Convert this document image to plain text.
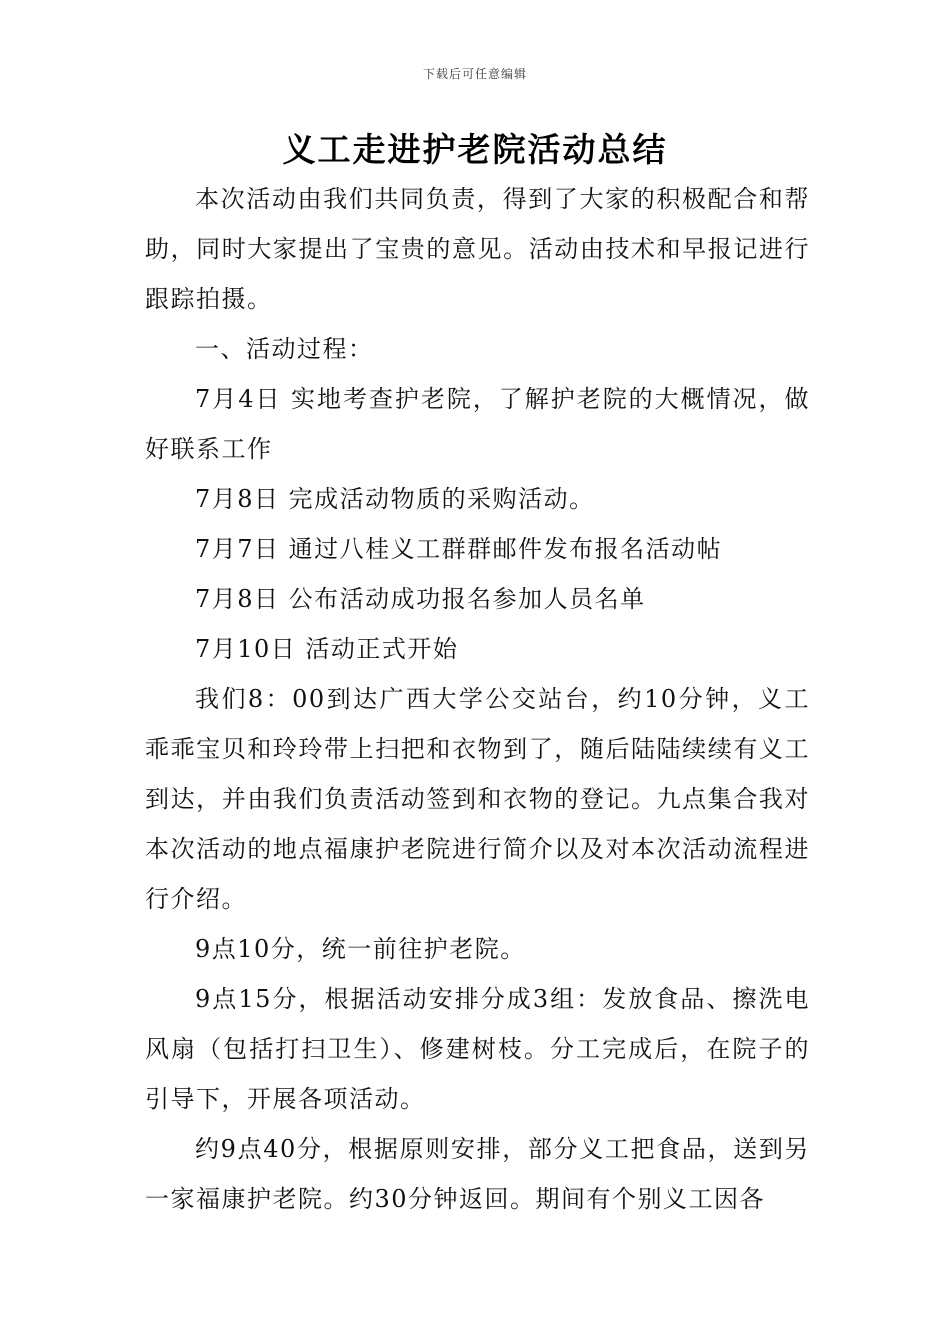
下载后可任意编辑
义工走进护老院活动总结

本次活动由我们共同负责，得到了大家的积极配合和帮助，同时大家提出了宝贵的意见。活动由技术和早报记进行跟踪拍摄。

一、活动过程：

7月4日 实地考查护老院，了解护老院的大概情况，做好联系工作

7月8日 完成活动物质的采购活动。

7月7日 通过八桂义工群群邮件发布报名活动帖

7月8日 公布活动成功报名参加人员名单

7月10日 活动正式开始

我们8：00到达广西大学公交站台，约10分钟，义工乖乖宝贝和玲玲带上扫把和衣物到了，随后陆陆续续有义工到达，并由我们负责活动签到和衣物的登记。九点集合我对本次活动的地点福康护老院进行简介以及对本次活动流程进行介绍。

9点10分，统一前往护老院。

9点15分，根据活动安排分成3组：发放食品、擦洗电风扇（包括打扫卫生）、修建树枝。分工完成后，在院子的引导下，开展各项活动。

约9点40分，根据原则安排，部分义工把食品，送到另一家福康护老院。约30分钟返回。期间有个别义工因各
